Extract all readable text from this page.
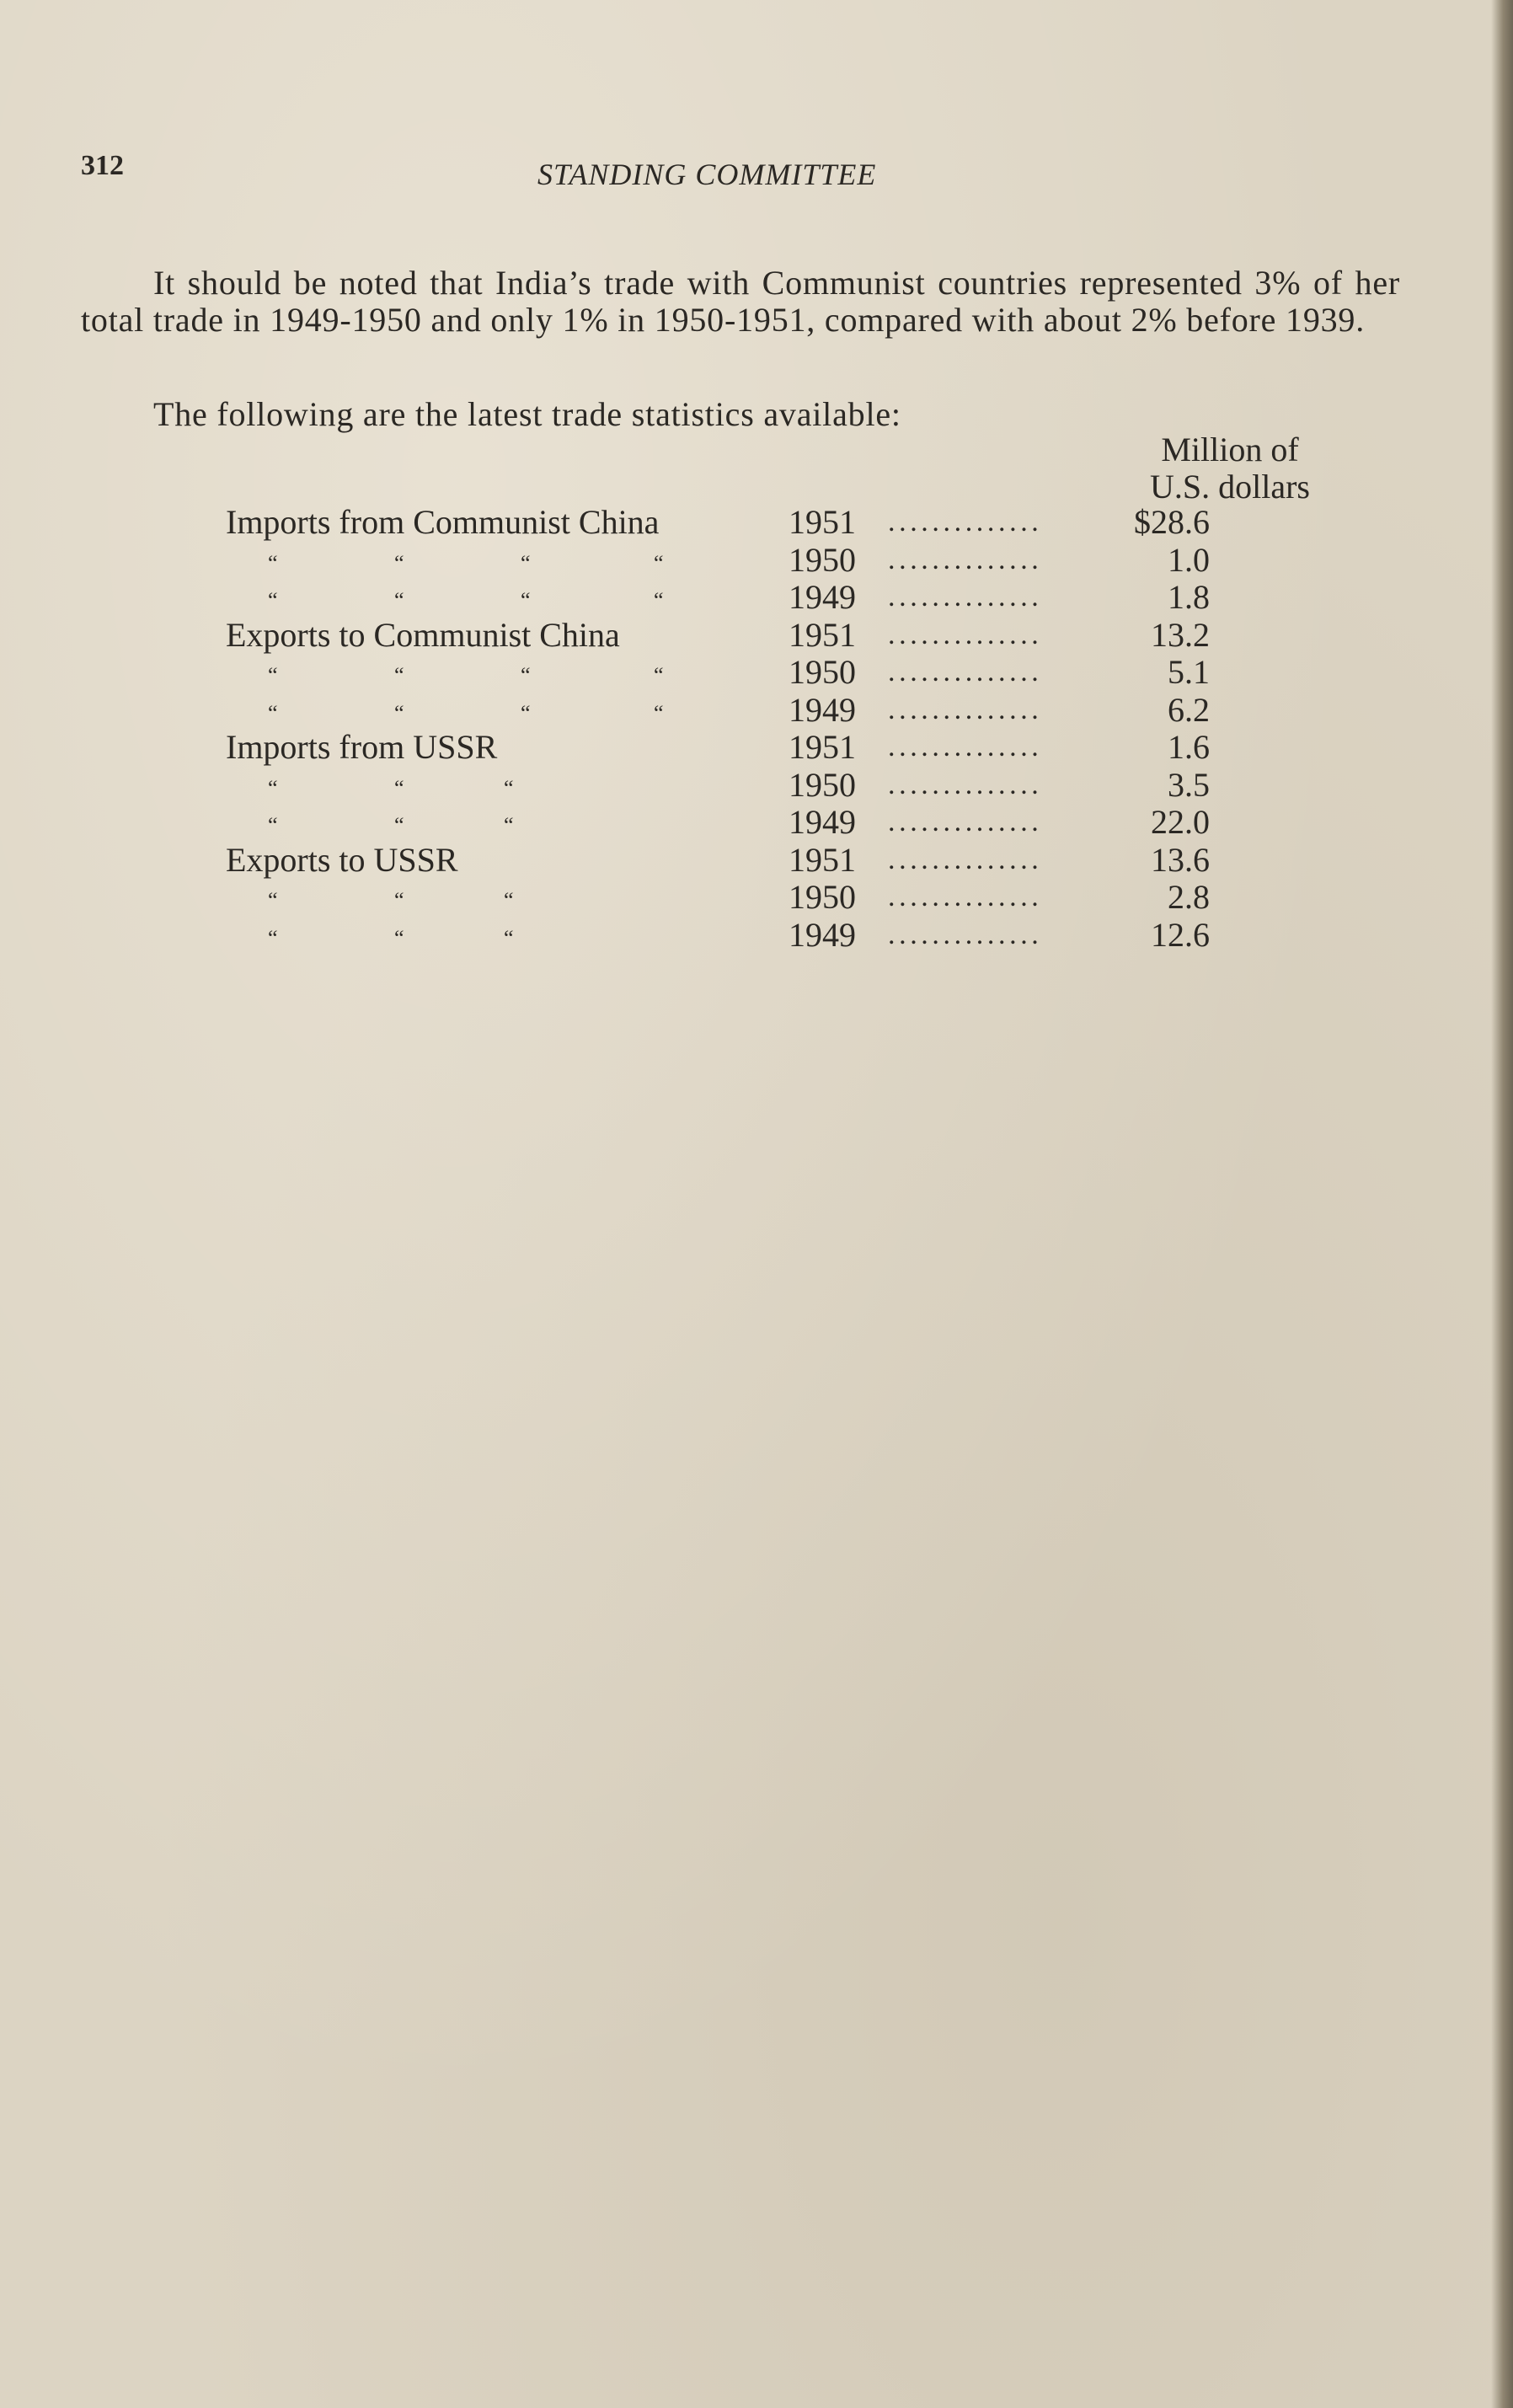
312	STANDING COMMITTEE

It should be noted that India’s trade with Communist countries represented 3% of her total trade in 1949-1950 and only 1% in 1950-1951, compared with about 2% before 1939.

The following are the latest trade statistics available:

Million of
U.S. dollars
Imports from Communist China	1951 ..............	$28.6
“	“	“	“	1950 ..............	1.0
“	“	“	“	1949 ..............	1.8
Exports to Communist China	1951 ..............	13.2
“	“	“	“	1950 ..............	5.1
“	“	“	“	1949 ..............	6.2
Imports from USSR	1951 ..............	1.6
“	“	“	1950 ..............	3.5
“	“	“	1949 ..............	22.0
Exports to USSR	1951 ..............	13.6
“	“	“	1950 ..............	2.8
“	“	“	1949 ..............	12.6
